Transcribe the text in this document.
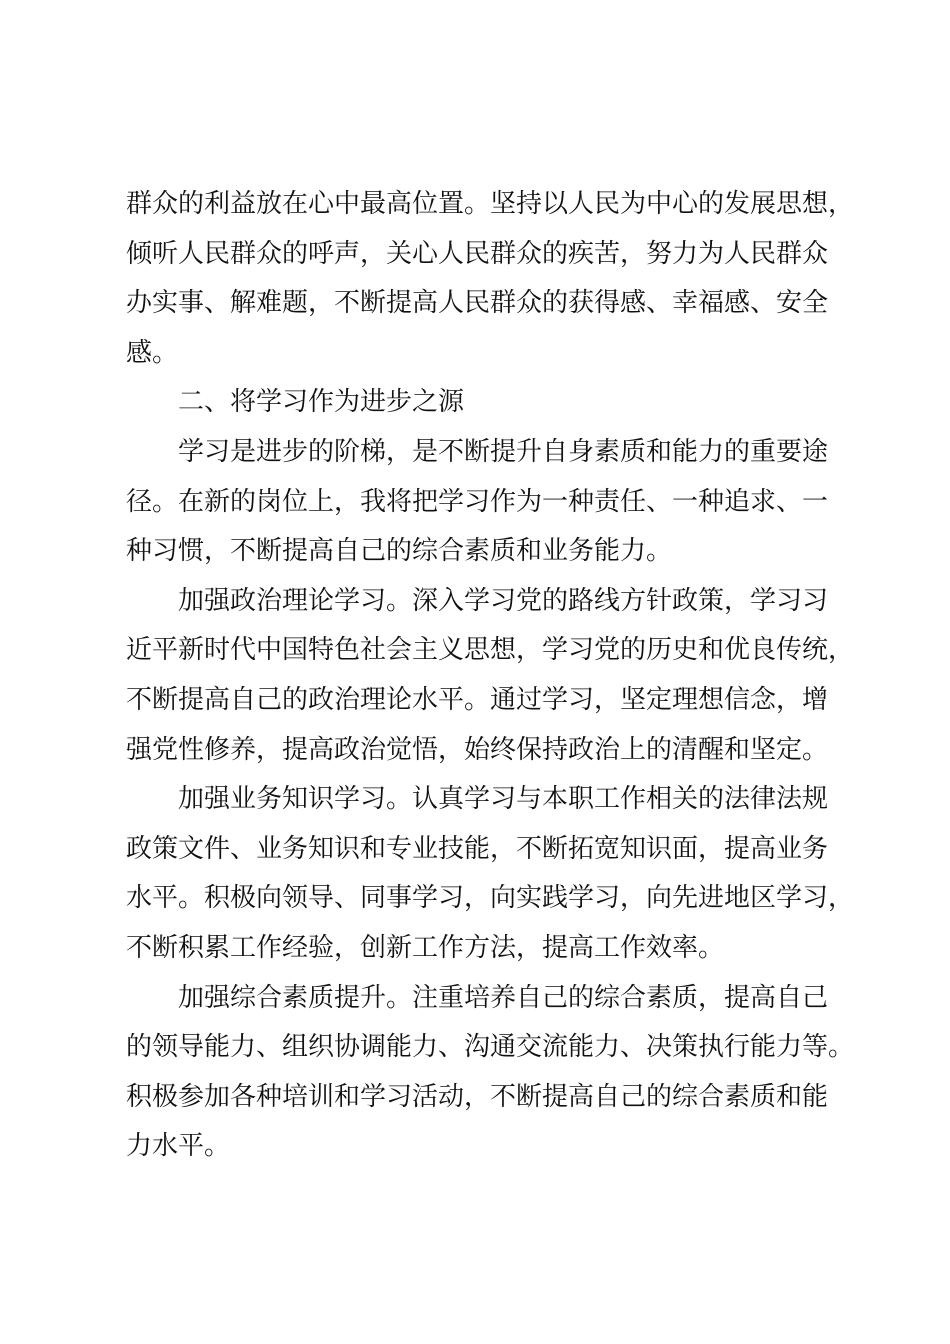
群众的利益放在心中最高位置。坚持以人民为中心的发展思想，
倾听人民群众的呼声，关心人民群众的疾苦，努力为人民群众
办实事、解难题，不断提高人民群众的获得感、幸福感、安全
感。
二、将学习作为进步之源
学习是进步的阶梯，是不断提升自身素质和能力的重要途
径。在新的岗位上，我将把学习作为一种责任、一种追求、一
种习惯，不断提高自己的综合素质和业务能力。
加强政治理论学习。深入学习党的路线方针政策，学习习
近平新时代中国特色社会主义思想，学习党的历史和优良传统，
不断提高自己的政治理论水平。通过学习，坚定理想信念，增
强党性修养，提高政治觉悟，始终保持政治上的清醒和坚定。
加强业务知识学习。认真学习与本职工作相关的法律法规
政策文件、业务知识和专业技能，不断拓宽知识面，提高业务
水平。积极向领导、同事学习，向实践学习，向先进地区学习，
不断积累工作经验，创新工作方法，提高工作效率。
加强综合素质提升。注重培养自己的综合素质，提高自己
的领导能力、组织协调能力、沟通交流能力、决策执行能力等。
积极参加各种培训和学习活动，不断提高自己的综合素质和能
力水平。
